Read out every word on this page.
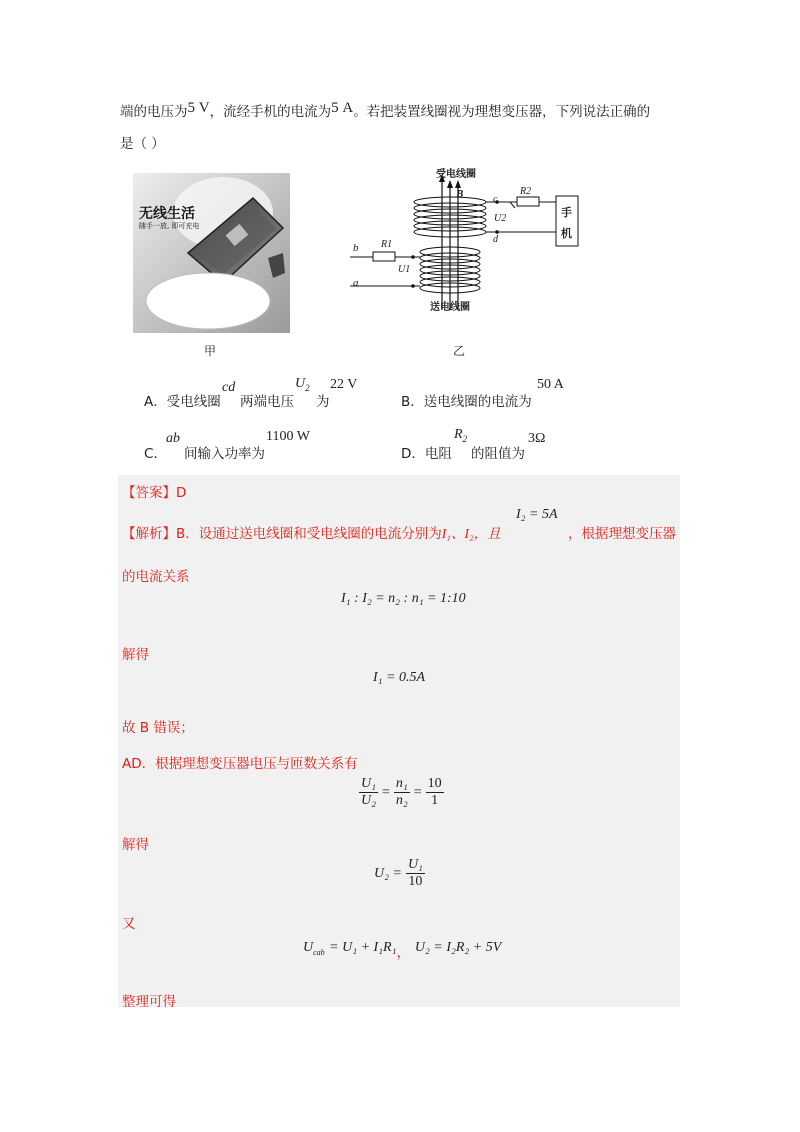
端的电压为5 V，流经手机的电流为5 A。若把装置线圈视为理想变压器，下列说法正确的
是（ ）
无线生活
随手一放, 即可充电
甲
受电线圈
B	c
d
R2
U2	手
机
b
a
R1
U1
送电线圈
乙
A．受电线圈
cd
两端电压
$U_2$
为
22 V
B．送电线圈的电流为
50 A
C．
ab
间输入功率为
1100 W
D．电阻
$R_2$
的阻值为
3Ω
【答案】D
【解析】B．设通过送电线圈和受电线圈的电流分别为I₁、I₂，且
I₂ = 5A
，根据理想变压器
的电流关系
I₁ : I₂ = n₂ : n₁ = 1:10
解得
I₁ = 0.5A
故 B 错误；
AD．根据理想变压器电压与匝数关系有
$\frac{\text{U₁}}{\text{U₂}} = \frac{\text{n₁}}{\text{n₂}} = \frac{10}{1}$
解得
$U_2 = \frac{\text{U₁}}{10}$
又
$U_{cab} = U_1 + I_1R_1$， U₂ = I₂R₂ + 5V
整理可得
